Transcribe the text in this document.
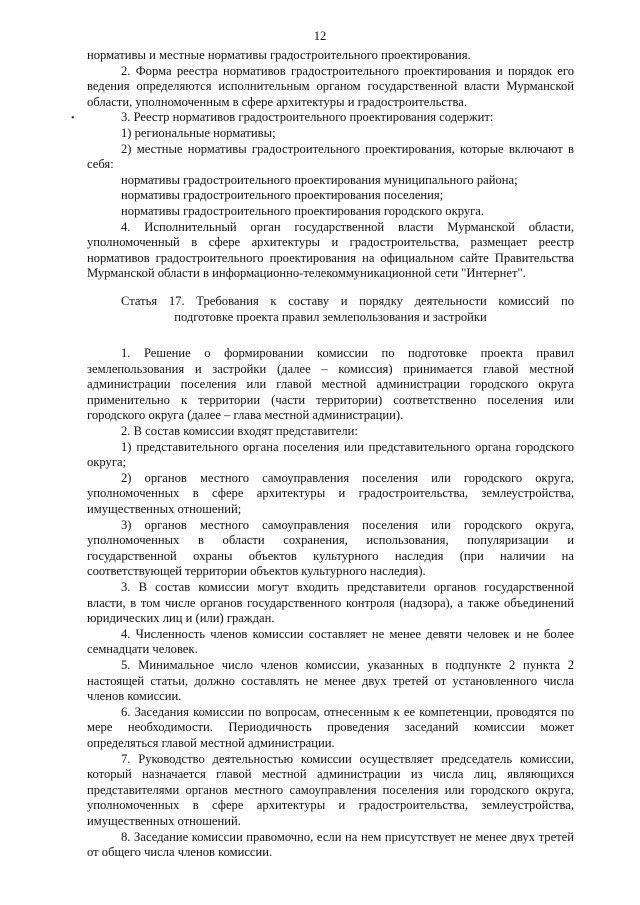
12
•

нормативы и местные нормативы градостроительного проектирования.

2. Форма реестра нормативов градостроительного проектирования и порядок его ведения определяются исполнительным органом государственной власти Мурманской области, уполномоченным в сфере архитектуры и градостроительства.

3. Реестр нормативов градостроительного проектирования содержит:

1) региональные нормативы;

2) местные нормативы градостроительного проектирования, которые включают в себя:

нормативы градостроительного проектирования муниципального района;

нормативы градостроительного проектирования поселения;

нормативы градостроительного проектирования городского округа.

4. Исполнительный орган государственной власти Мурманской области, уполномоченный в сфере архитектуры и градостроительства, размещает реестр нормативов градостроительного проектирования на официальном сайте Правительства Мурманской области в информационно-телекоммуникационной сети "Интернет".

Статья 17. Требования к составу и порядку деятельности комиссий по

подготовке проекта правил землепользования и застройки

1. Решение о формировании комиссии по подготовке проекта правил землепользования и застройки (далее – комиссия) принимается главой местной администрации поселения или главой местной администрации городского округа применительно к территории (части территории) соответственно поселения или городского округа (далее – глава местной администрации).

2. В состав комиссии входят представители:

1) представительного органа поселения или представительного органа городского округа;

2) органов местного самоуправления поселения или городского округа, уполномоченных в сфере архитектуры и градостроительства, землеустройства, имущественных отношений;

3) органов местного самоуправления поселения или городского округа, уполномоченных в области сохранения, использования, популяризации и государственной охраны объектов культурного наследия (при наличии на соответствующей территории объектов культурного наследия).

3. В состав комиссии могут входить представители органов государственной власти, в том числе органов государственного контроля (надзора), а также объединений юридических лиц и (или) граждан.

4. Численность членов комиссии составляет не менее девяти человек и не более семнадцати человек.

5. Минимальное число членов комиссии, указанных в подпункте 2 пункта 2 настоящей статьи, должно составлять не менее двух третей от установленного числа членов комиссии.

6. Заседания комиссии по вопросам, отнесенным к ее компетенции, проводятся по мере необходимости. Периодичность проведения заседаний комиссии может определяться главой местной администрации.

7. Руководство деятельностью комиссии осуществляет председатель комиссии, который назначается главой местной администрации из числа лиц, являющихся представителями органов местного самоуправления поселения или городского округа, уполномоченных в сфере архитектуры и градостроительства, землеустройства, имущественных отношений.

8. Заседание комиссии правомочно, если на нем присутствует не менее двух третей от общего числа членов комиссии.
